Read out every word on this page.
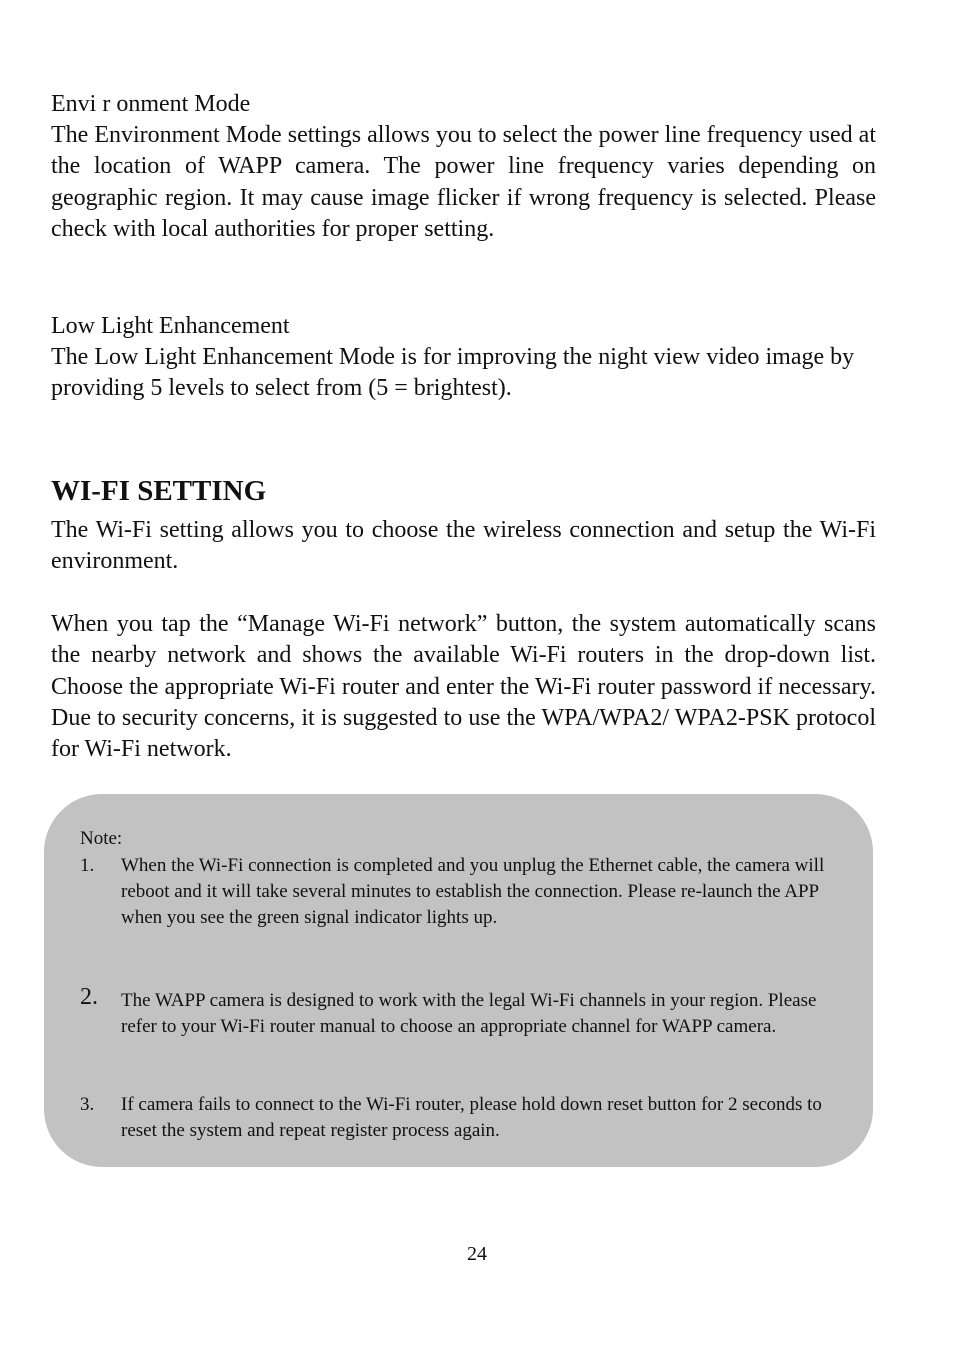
Envi r onment Mode

The Environment Mode settings allows you to select the power line frequency used at the location of WAPP camera. The power line frequency varies depending on geographic region. It may cause image flicker if wrong frequency is selected. Please check with local authorities for proper setting.

Low Light Enhancement

The Low Light Enhancement Mode is for improving the night view video image by providing 5 levels to select from (5 = brightest).

WI-FI SETTING

The Wi-Fi setting allows you to choose the wireless connection and setup the Wi-Fi environment.

When you tap the “Manage Wi-Fi network” button, the system automatically scans the nearby network and shows the available Wi-Fi routers in the drop-down list. Choose the appropriate Wi-Fi router and enter the Wi-Fi router password if necessary. Due to security concerns, it is suggested to use the WPA/WPA2/ WPA2-PSK protocol for Wi-Fi network.

Note:

1. When the Wi-Fi connection is completed and you unplug the Ethernet cable, the camera will reboot and it will take several minutes to establish the connection. Please re-launch the APP when you see the green signal indicator lights up.

2. The WAPP camera is designed to work with the legal Wi-Fi channels in your region. Please refer to your Wi-Fi router manual to choose an appropriate channel for WAPP camera.

3. If camera fails to connect to the Wi-Fi router, please hold down reset button for 2 seconds to reset the system and repeat register process again.

24
